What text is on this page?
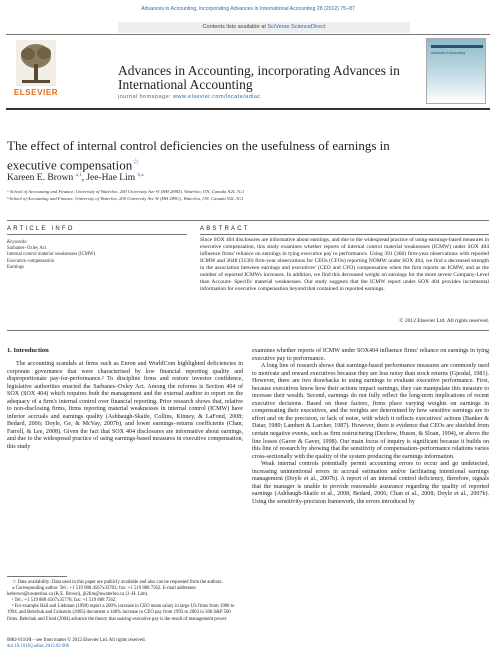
Advances in Accounting, incorporating Advances in International Accounting 28 (2012) 75–87
Contents lists available at SciVerse ScienceDirect
ELSEVIER
Advances in Accounting, incorporating Advances in International Accounting
journal homepage: www.elsevier.com/locate/adiac
Advances in Accounting
The effect of internal control deficiencies on the usefulness of earnings in executive compensation☆
Kareen E. Brown $^{a,1}$, Jee-Hae Lim $^{b,⁎}$
ᵃ School of Accounting and Finance, University of Waterloo, 200 University Ave W (HH 289D), Waterloo, ON, Canada N2L 3G1
ᵇ School of Accounting and Finance, University of Waterloo, 200 University Ave W (HH 289G), Waterloo, ON, Canada N2L 3G1
ARTICLE INFO	ABSTRACT
Keywords:
Sarbanes–Oxley Act
Internal control material weaknesses (ICMW)
Executive compensation
Earnings
Since SOX 404 disclosures are informative about earnings, and due to the widespread practice of using earnings-based measures in executive compensation, this study examines whether reports of internal control material weaknesses (ICMW) under SOX 404 influence firms' reliance on earnings in tying executive pay to performance. Using 391 (366) firm-year observations with reported ICMW and 3648 (3138) firm-year observations for CEOs (CFOs) reporting NOMW under SOX 404, we find a decreased strength in the association between earnings and executives' (CEO and CFO) compensation when the firm reports an ICMW, and as the number of reported ICMWs increases. In addition, we find this decreased weight on earnings for the more severe Company-Level than Account- Specific material weaknesses. Our study suggests that the ICMW report under SOX 404 provides incremental information for executive compensation beyond that contained in reported earnings.
© 2012 Elsevier Ltd. All rights reserved.
1. Introduction

The accounting scandals at firms such as Enron and WorldCom highlighted deficiencies in corporate governance that were characterised by low financial reporting quality and disproportionate pay-for-performance.² To discipline firms and restore investor confidence, legislative authorities enacted the Sarbanes–Oxley Act. Among the reforms is Section 404 of SOX (SOX 404) which requires both the management and the external auditor to report on the adequacy of a firm's internal control over financial reporting. Prior research shows that, relative to non-disclosing firms, firms reporting material weaknesses in internal control (ICMW) have inferior accruals and earnings quality (Ashbaugh-Skaife, Collins, Kinney, & LaFond, 2008; Bedard, 2006; Doyle, Ge, & McVay, 2007b), and lower earnings–returns coefficients (Chan, Farrell, & Lee, 2008). Given the fact that SOX 404 disclosures are informative about earnings, and due to the widespread practice of using earnings-based measures in executive compensation, this study

examines whether reports of ICMW under SOX404 influence firms' reliance on earnings in tying executive pay to performance.

A long line of research shows that earnings-based performance measures are commonly used to motivate and reward executives because they are less noisy than stock returns (Gjesdal, 1981). However, there are two drawbacks to using earnings to evaluate executive performance. First, because executives know how their actions impact earnings, they can manipulate this measure to increase their wealth. Second, earnings do not fully reflect the long-term implications of recent executive decisions. Based on these factors, firms place varying weights on earnings in compensating their executives, and the weights are determined by how sensitive earnings are to effort and on the precision, or lack of noise, with which it reflects executives' actions (Banker & Datar, 1989; Lambert & Larcker, 1987). However, there is evidence that CEOs are shielded from certain negative events, such as firm restructuring (Dechow, Huson, & Sloan, 1994), or above the line losses (Gaver & Gaver, 1998). Our main focus of inquiry is significant because it builds on this line of research by showing that the sensitivity of compensation–performance relations varies cross-sectionally with the quality of the system producing the earnings information.

Weak internal controls potentially permit accounting errors to occur and go undetected, increasing unintentional errors in accrual estimation and/or facilitating intentional earnings management (Doyle et al., 2007b). A report of an internal control deficiency, therefore, signals that the manager is unable to provide reasonable assurance regarding the quality of reported earnings (Ashbaugh-Skaife et al., 2008; Bedard, 2006; Chan et al., 2008; Doyle et al., 2007b). Using the sensitivity-precision framework, the errors introduced by

☆ Data availability: Data used in this paper are publicly available and also can be requested from the authors.

⁎ Corresponding author. Tel.: +1 519 888 4567x33702; fax: +1 519 888 7562. E-mail addresses: kebrown@uwaterloo.ca (K.E. Brown), jh2lim@uwaterloo.ca (J.-H. Lim).

¹ Tel.: +1 519 888 4567x35776; fax: +1 519 888 7562.

² For example Hall and Liebman (1998) report a 200% increase in CEO mean salary in large US firms from 1980 to 1994, and Bebchuk and Grinstein (2005) document a 146% increase in CEO pay from 1993 to 2003 in 500 S&P 500 firms. Bebchuk and Fried (2004) advance the theory that soaring executive pay is the result of management power.

0882-6110/$ – see front matter © 2012 Elsevier Ltd. All rights reserved.
doi:10.1016/j.adiac.2012.02.006
